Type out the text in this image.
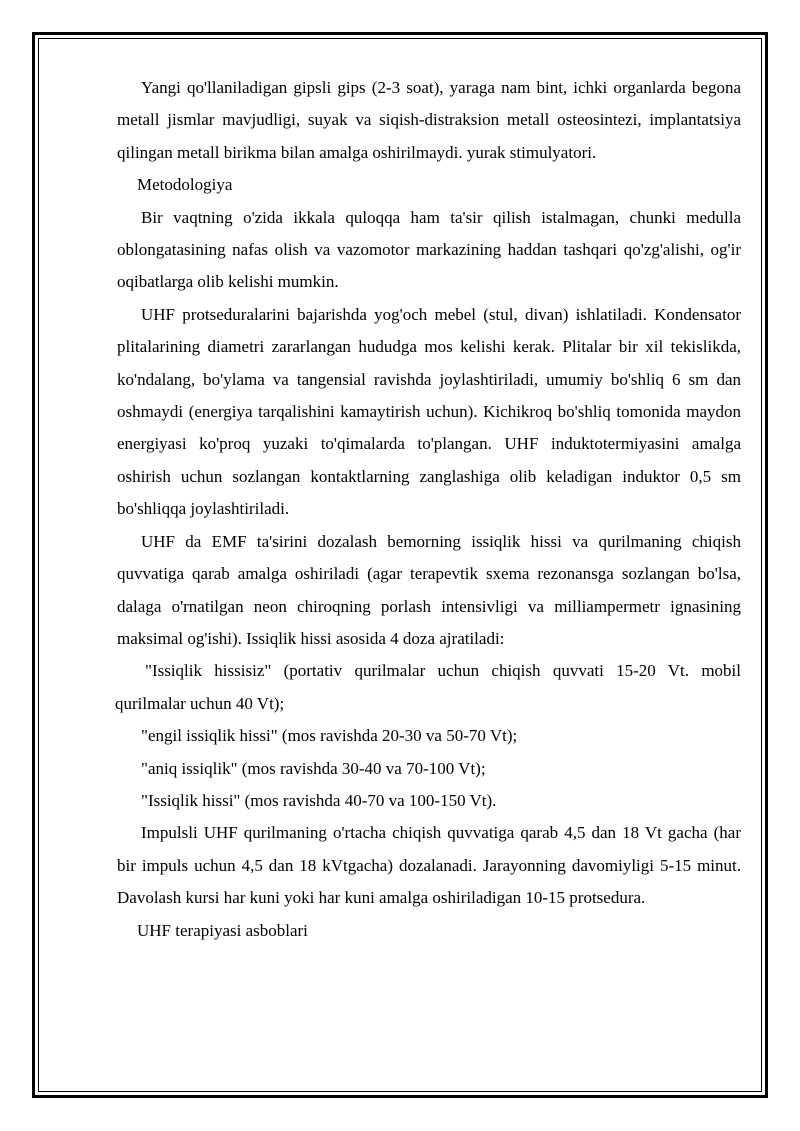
Yangi qo'llaniladigan gipsli gips (2-3 soat), yaraga nam bint, ichki organlarda begona metall jismlar mavjudligi, suyak va siqish-distraksion metall osteosintezi, implantatsiya qilingan metall birikma bilan amalga oshirilmaydi. yurak stimulyatori.

Metodologiya

Bir vaqtning o'zida ikkala quloqqa ham ta'sir qilish istalmagan, chunki medulla oblongatasining nafas olish va vazomotor markazining haddan tashqari qo'zg'alishi, og'ir oqibatlarga olib kelishi mumkin.

UHF protseduralarini bajarishda yog'och mebel (stul, divan) ishlatiladi. Kondensator plitalarining diametri zararlangan hududga mos kelishi kerak. Plitalar bir xil tekislikda, ko'ndalang, bo'ylama va tangensial ravishda joylashtiriladi, umumiy bo'shliq 6 sm dan oshmaydi (energiya tarqalishini kamaytirish uchun). Kichikroq bo'shliq tomonida maydon energiyasi ko'proq yuzaki to'qimalarda to'plangan. UHF induktotermiyasini amalga oshirish uchun sozlangan kontaktlarning zanglashiga olib keladigan induktor 0,5 sm bo'shliqqa joylashtiriladi.

UHF da EMF ta'sirini dozalash bemorning issiqlik hissi va qurilmaning chiqish quvvatiga qarab amalga oshiriladi (agar terapevtik sxema rezonansga sozlangan bo'lsa, dalaga o'rnatilgan neon chiroqning porlash intensivligi va milliampermetr ignasining maksimal og'ishi). Issiqlik hissi asosida 4 doza ajratiladi:

"Issiqlik hissisiz" (portativ qurilmalar uchun chiqish quvvati 15-20 Vt. mobil qurilmalar uchun 40 Vt);

"engil issiqlik hissi" (mos ravishda 20-30 va 50-70 Vt);

"aniq issiqlik" (mos ravishda 30-40 va 70-100 Vt);

"Issiqlik hissi" (mos ravishda 40-70 va 100-150 Vt).

Impulsli UHF qurilmaning o'rtacha chiqish quvvatiga qarab 4,5 dan 18 Vt gacha (har bir impuls uchun 4,5 dan 18 kVtgacha) dozalanadi. Jarayonning davomiyligi 5-15 minut. Davolash kursi har kuni yoki har kuni amalga oshiriladigan 10-15 protsedura.

UHF terapiyasi asboblari
